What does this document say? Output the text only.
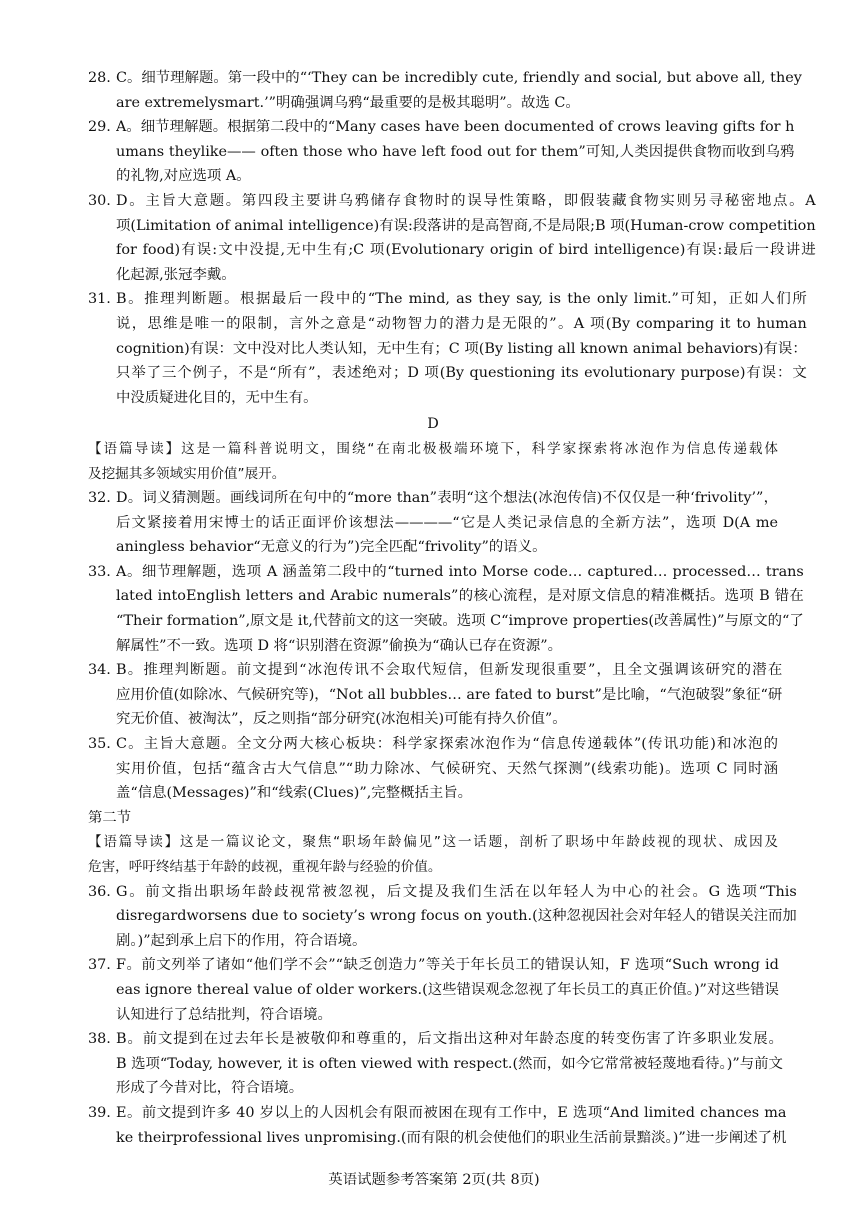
28. C。细节理解题。第一段中的“‘They can be incredibly cute, friendly and social, but above all, they
are extremelysmart.’”明确强调乌鸦“最重要的是极其聪明”。故选 C。
29. A。细节理解题。根据第二段中的“Many cases have been documented of crows leaving gifts for h
umans theylike—— often those who have left food out for them”可知,人类因提供食物而收到乌鸦
的礼物,对应选项 A。
30. D。主旨大意题。第四段主要讲乌鸦储存食物时的误导性策略，即假装藏食物实则另寻秘密地点。A
项(Limitation of animal intelligence)有误:段落讲的是高智商,不是局限;B 项(Human-crow competition
for food)有误:文中没提,无中生有;C 项(Evolutionary origin of bird intelligence)有误:最后一段讲进
化起源,张冠李戴。
31. B。推理判断题。根据最后一段中的“The mind, as they say, is the only limit.”可知，正如人们所
说，思维是唯一的限制，言外之意是“动物智力的潜力是无限的”。A 项(By comparing it to human
cognition)有误：文中没对比人类认知，无中生有；C 项(By listing all known animal behaviors)有误：
只举了三个例子，不是“所有”，表述绝对；D 项(By questioning its evolutionary purpose)有误：文
中没质疑进化目的，无中生有。
D
【语篇导读】这是一篇科普说明文，围绕“在南北极极端环境下，科学家探索将冰泡作为信息传递载体
及挖掘其多领域实用价值”展开。
32. D。词义猜测题。画线词所在句中的“more than”表明“这个想法(冰泡传信)不仅仅是一种‘frivolity’”，
后文紧接着用宋博士的话正面评价该想法————“它是人类记录信息的全新方法”，选项 D(A me
aningless behavior“无意义的行为”)完全匹配“frivolity”的语义。
33. A。细节理解题，选项 A 涵盖第二段中的“turned into Morse code… captured… processed… trans
lated intoEnglish letters and Arabic numerals”的核心流程，是对原文信息的精准概括。选项 B 错在
“Their formation”,原文是 it,代替前文的这一突破。选项 C“improve properties(改善属性)”与原文的“了
解属性”不一致。选项 D 将“识别潜在资源”偷换为“确认已存在资源”。
34. B。推理判断题。前文提到“冰泡传讯不会取代短信，但新发现很重要”，且全文强调该研究的潜在
应用价值(如除冰、气候研究等)，“Not all bubbles… are fated to burst”是比喻，“气泡破裂”象征“研
究无价值、被淘汰”，反之则指“部分研究(冰泡相关)可能有持久价值”。
35. C。主旨大意题。全文分两大核心板块：科学家探索冰泡作为“信息传递载体”(传讯功能)和冰泡的
实用价值，包括“蕴含古大气信息”“助力除冰、气候研究、天然气探测”(线索功能)。选项 C 同时涵
盖“信息(Messages)”和“线索(Clues)”,完整概括主旨。
第二节
【语篇导读】这是一篇议论文，聚焦“职场年龄偏见”这一话题，剖析了职场中年龄歧视的现状、成因及
危害，呼吁终结基于年龄的歧视，重视年龄与经验的价值。
36. G。前文指出职场年龄歧视常被忽视，后文提及我们生活在以年轻人为中心的社会。G 选项“This
disregardworsens due to society’s wrong focus on youth.(这种忽视因社会对年轻人的错误关注而加
剧。)”起到承上启下的作用，符合语境。
37. F。前文列举了诸如“他们学不会”“缺乏创造力”等关于年长员工的错误认知，F 选项“Such wrong id
eas ignore thereal value of older workers.(这些错误观念忽视了年长员工的真正价值。)”对这些错误
认知进行了总结批判，符合语境。
38. B。前文提到在过去年长是被敬仰和尊重的，后文指出这种对年龄态度的转变伤害了许多职业发展。
B 选项“Today, however, it is often viewed with respect.(然而，如今它常常被轻蔑地看待。)”与前文
形成了今昔对比，符合语境。
39. E。前文提到许多 40 岁以上的人因机会有限而被困在现有工作中，E 选项“And limited chances ma
ke theirprofessional lives unpromising.(而有限的机会使他们的职业生活前景黯淡。)”进一步阐述了机
英语试题参考答案第 2页(共 8页)
